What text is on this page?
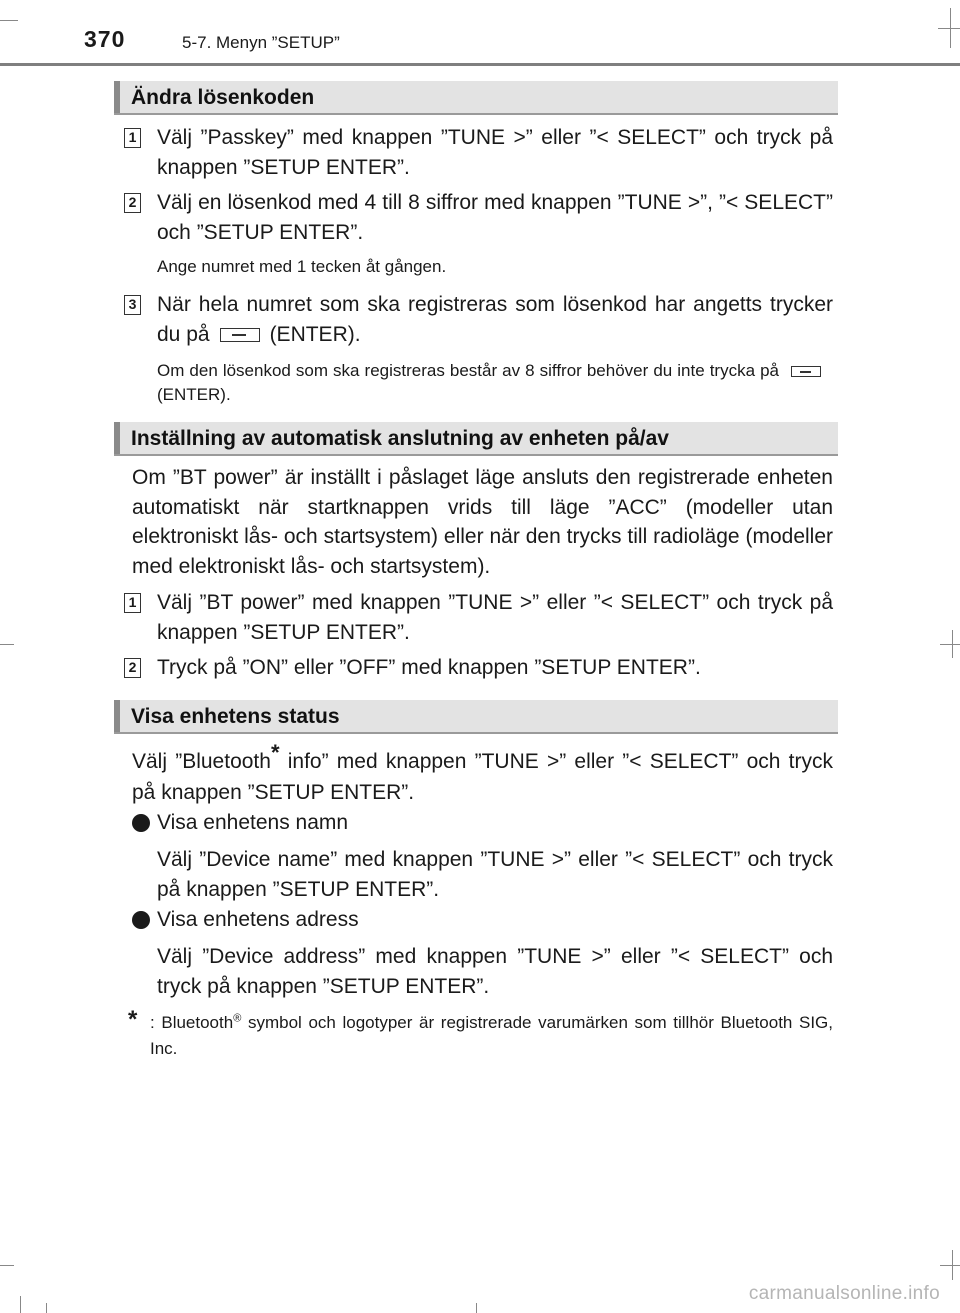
370	5-7. Menyn ”SETUP”
Ändra lösenkoden
1 Välj ”Passkey” med knappen ”TUNE >” eller ”< SELECT” och tryck på knappen ”SETUP ENTER”.
2 Välj en lösenkod med 4 till 8 siffror med knappen ”TUNE >”, ”< SELECT” och ”SETUP ENTER”.
Ange numret med 1 tecken åt gången.
3 När hela numret som ska registreras som lösenkod har angetts trycker du på	(ENTER).
Om den lösenkod som ska registreras består av 8 siffror behöver du inte trycka på(ENTER).
Inställning av automatisk anslutning av enheten på/av
Om ”BT power” är inställt i påslaget läge ansluts den registrerade enheten automatiskt när startknappen vrids till läge ”ACC” (modeller utan elektroniskt lås- och startsystem) eller när den trycks till radioläge (modeller med elektroniskt lås- och startsystem).
1 Välj ”BT power” med knappen ”TUNE >” eller ”< SELECT” och tryck på knappen ”SETUP ENTER”.
2 Tryck på ”ON” eller ”OFF” med knappen ”SETUP ENTER”.
Visa enhetens status
Välj ”Bluetooth* info” med knappen ”TUNE >” eller ”< SELECT” och tryck på knappen ”SETUP ENTER”.
Visa enhetens namn
Välj ”Device name” med knappen ”TUNE >” eller ”< SELECT” och tryck på knappen ”SETUP ENTER”.
Visa enhetens adress
Välj ”Device address” med knappen ”TUNE >” eller ”< SELECT” och tryck på knappen ”SETUP ENTER”.
* : Bluetooth® symbol och logotyper är registrerade varumärken som tillhör Bluetooth SIG, Inc.
carmanualsonline.info
